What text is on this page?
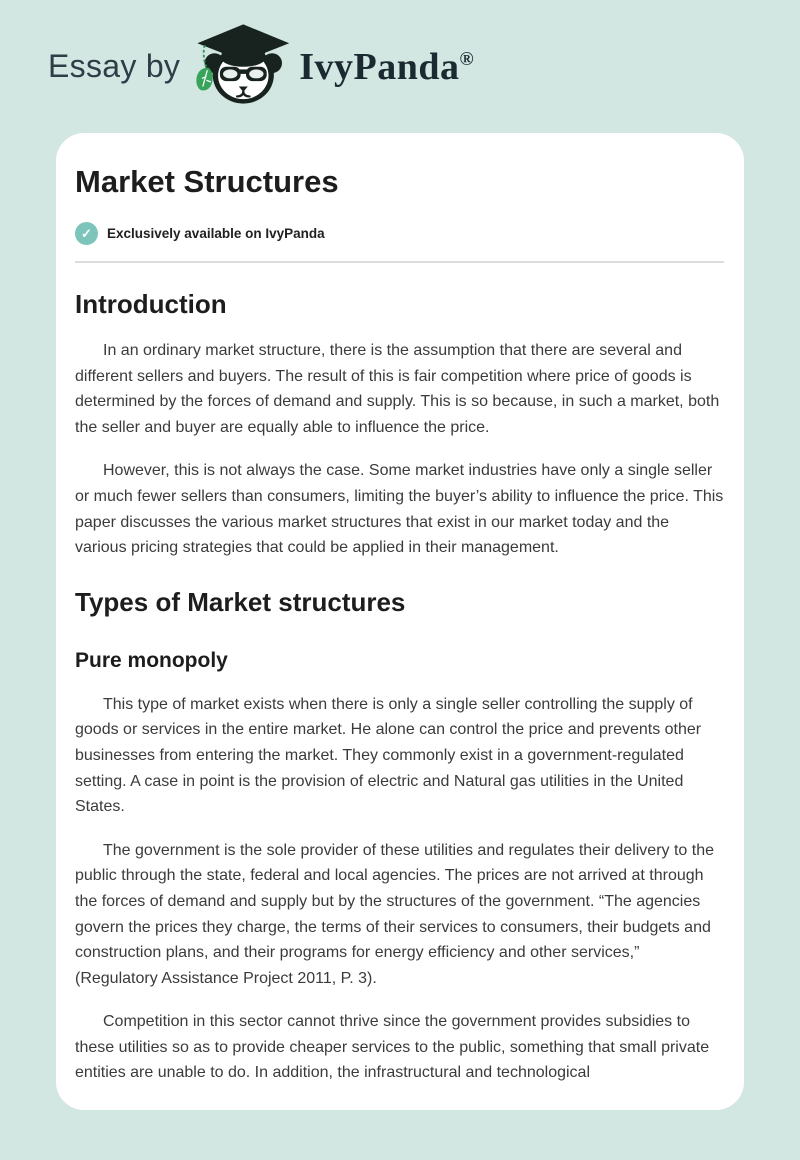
Essay by	IvyPanda®
Market Structures
✓	Exclusively available on IvyPanda
Introduction

In an ordinary market structure, there is the assumption that there are several and different sellers and buyers. The result of this is fair competition where price of goods is determined by the forces of demand and supply. This is so because, in such a market, both the seller and buyer are equally able to influence the price.

However, this is not always the case. Some market industries have only a single seller or much fewer sellers than consumers, limiting the buyer’s ability to influence the price. This paper discusses the various market structures that exist in our market today and the various pricing strategies that could be applied in their management.

Types of Market structures
Pure monopoly

This type of market exists when there is only a single seller controlling the supply of goods or services in the entire market. He alone can control the price and prevents other businesses from entering the market. They commonly exist in a government-regulated setting. A case in point is the provision of electric and Natural gas utilities in the United States.

The government is the sole provider of these utilities and regulates their delivery to the public through the state, federal and local agencies. The prices are not arrived at through the forces of demand and supply but by the structures of the government. “The agencies govern the prices they charge, the terms of their services to consumers, their budgets and construction plans, and their programs for energy efficiency and other services,” (Regulatory Assistance Project 2011, P. 3).

Competition in this sector cannot thrive since the government provides subsidies to these utilities so as to provide cheaper services to the public, something that small private entities are unable to do. In addition, the infrastructural and technological
